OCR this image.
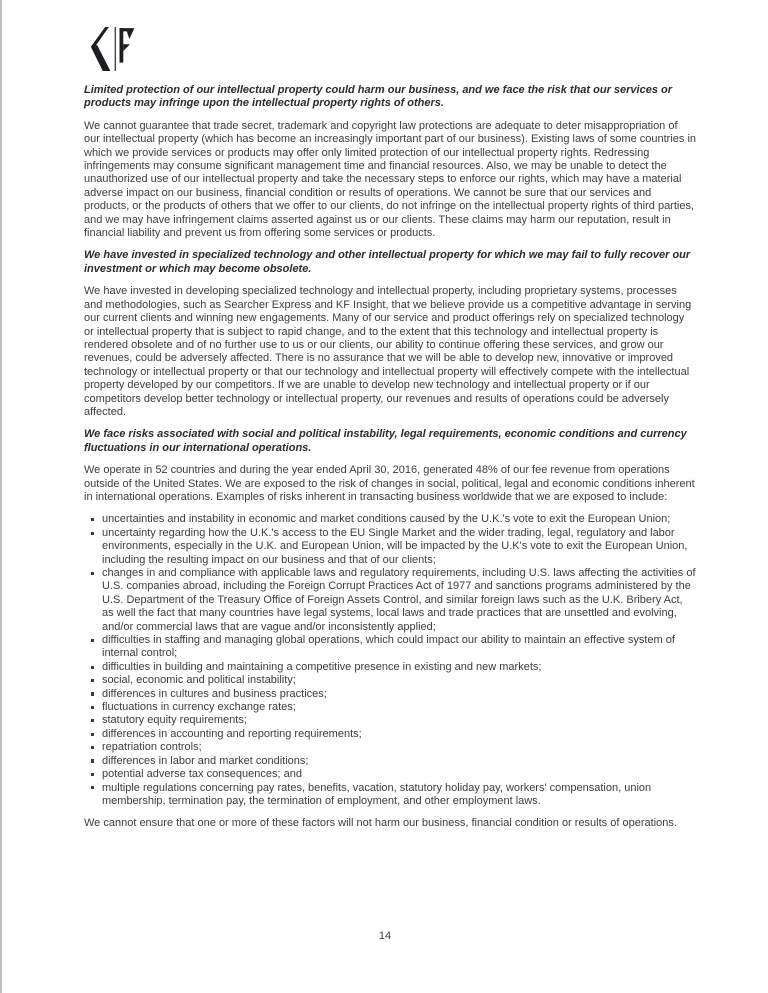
Limited protection of our intellectual property could harm our business, and we face the risk that our services or products may infringe upon the intellectual property rights of others.

We cannot guarantee that trade secret, trademark and copyright law protections are adequate to deter misappropriation of our intellectual property (which has become an increasingly important part of our business). Existing laws of some countries in which we provide services or products may offer only limited protection of our intellectual property rights. Redressing infringements may consume significant management time and financial resources. Also, we may be unable to detect the unauthorized use of our intellectual property and take the necessary steps to enforce our rights, which may have a material adverse impact on our business, financial condition or results of operations. We cannot be sure that our services and products, or the products of others that we offer to our clients, do not infringe on the intellectual property rights of third parties, and we may have infringement claims asserted against us or our clients. These claims may harm our reputation, result in financial liability and prevent us from offering some services or products.

We have invested in specialized technology and other intellectual property for which we may fail to fully recover our investment or which may become obsolete.

We have invested in developing specialized technology and intellectual property, including proprietary systems, processes and methodologies, such as Searcher Express and KF Insight, that we believe provide us a competitive advantage in serving our current clients and winning new engagements. Many of our service and product offerings rely on specialized technology or intellectual property that is subject to rapid change, and to the extent that this technology and intellectual property is rendered obsolete and of no further use to us or our clients, our ability to continue offering these services, and grow our revenues, could be adversely affected. There is no assurance that we will be able to develop new, innovative or improved technology or intellectual property or that our technology and intellectual property will effectively compete with the intellectual property developed by our competitors. If we are unable to develop new technology and intellectual property or if our competitors develop better technology or intellectual property, our revenues and results of operations could be adversely affected.

We face risks associated with social and political instability, legal requirements, economic conditions and currency fluctuations in our international operations.

We operate in 52 countries and during the year ended April 30, 2016, generated 48% of our fee revenue from operations outside of the United States. We are exposed to the risk of changes in social, political, legal and economic conditions inherent in international operations. Examples of risks inherent in transacting business worldwide that we are exposed to include:

uncertainties and instability in economic and market conditions caused by the U.K.'s vote to exit the European Union;
uncertainty regarding how the U.K.'s access to the EU Single Market and the wider trading, legal, regulatory and labor environments, especially in the U.K. and European Union, will be impacted by the U.K's vote to exit the European Union, including the resulting impact on our business and that of our clients;
changes in and compliance with applicable laws and regulatory requirements, including U.S. laws affecting the activities of U.S. companies abroad, including the Foreign Corrupt Practices Act of 1977 and sanctions programs administered by the U.S. Department of the Treasury Office of Foreign Assets Control, and similar foreign laws such as the U.K. Bribery Act, as well the fact that many countries have legal systems, local laws and trade practices that are unsettled and evolving, and/or commercial laws that are vague and/or inconsistently applied;
difficulties in staffing and managing global operations, which could impact our ability to maintain an effective system of internal control;
difficulties in building and maintaining a competitive presence in existing and new markets;
social, economic and political instability;
differences in cultures and business practices;
fluctuations in currency exchange rates;
statutory equity requirements;
differences in accounting and reporting requirements;
repatriation controls;
differences in labor and market conditions;
potential adverse tax consequences; and
multiple regulations concerning pay rates, benefits, vacation, statutory holiday pay, workers' compensation, union membership, termination pay, the termination of employment, and other employment laws.

We cannot ensure that one or more of these factors will not harm our business, financial condition or results of operations.

14
